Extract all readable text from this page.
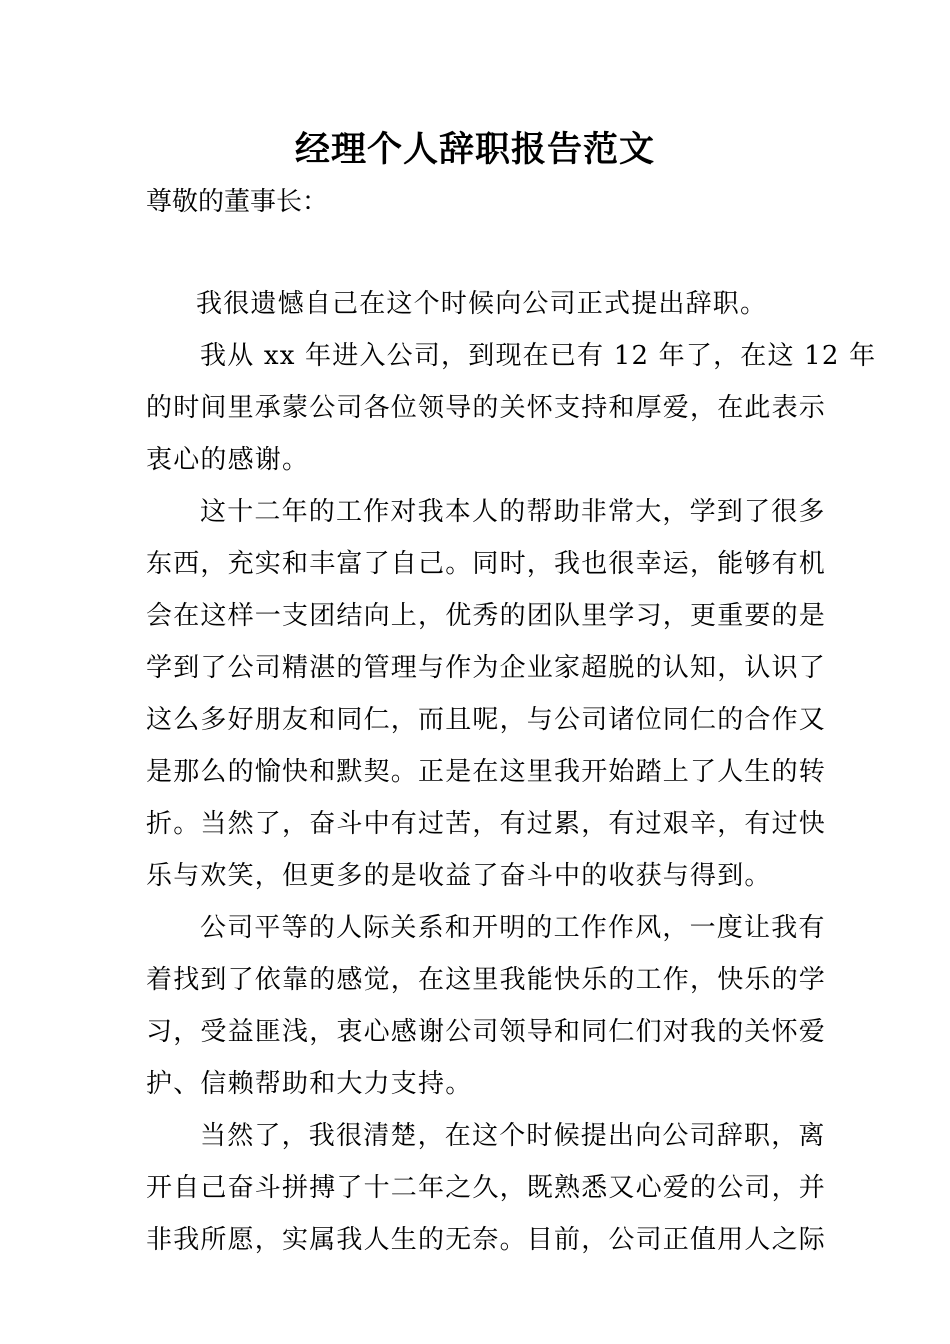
经理个人辞职报告范文
尊敬的董事长：
我很遗憾自己在这个时候向公司正式提出辞职。
我从 xx 年进入公司，到现在已有 12 年了，在这 12 年
的时间里承蒙公司各位领导的关怀支持和厚爱，在此表示
衷心的感谢。
这十二年的工作对我本人的帮助非常大，学到了很多
东西，充实和丰富了自己。同时，我也很幸运，能够有机
会在这样一支团结向上，优秀的团队里学习，更重要的是
学到了公司精湛的管理与作为企业家超脱的认知，认识了
这么多好朋友和同仁，而且呢，与公司诸位同仁的合作又
是那么的愉快和默契。正是在这里我开始踏上了人生的转
折。当然了，奋斗中有过苦，有过累，有过艰辛，有过快
乐与欢笑，但更多的是收益了奋斗中的收获与得到。
公司平等的人际关系和开明的工作作风，一度让我有
着找到了依靠的感觉，在这里我能快乐的工作，快乐的学
习，受益匪浅，衷心感谢公司领导和同仁们对我的关怀爱
护、信赖帮助和大力支持。
当然了，我很清楚，在这个时候提出向公司辞职，离
开自己奋斗拼搏了十二年之久，既熟悉又心爱的公司，并
非我所愿，实属我人生的无奈。目前，公司正值用人之际
